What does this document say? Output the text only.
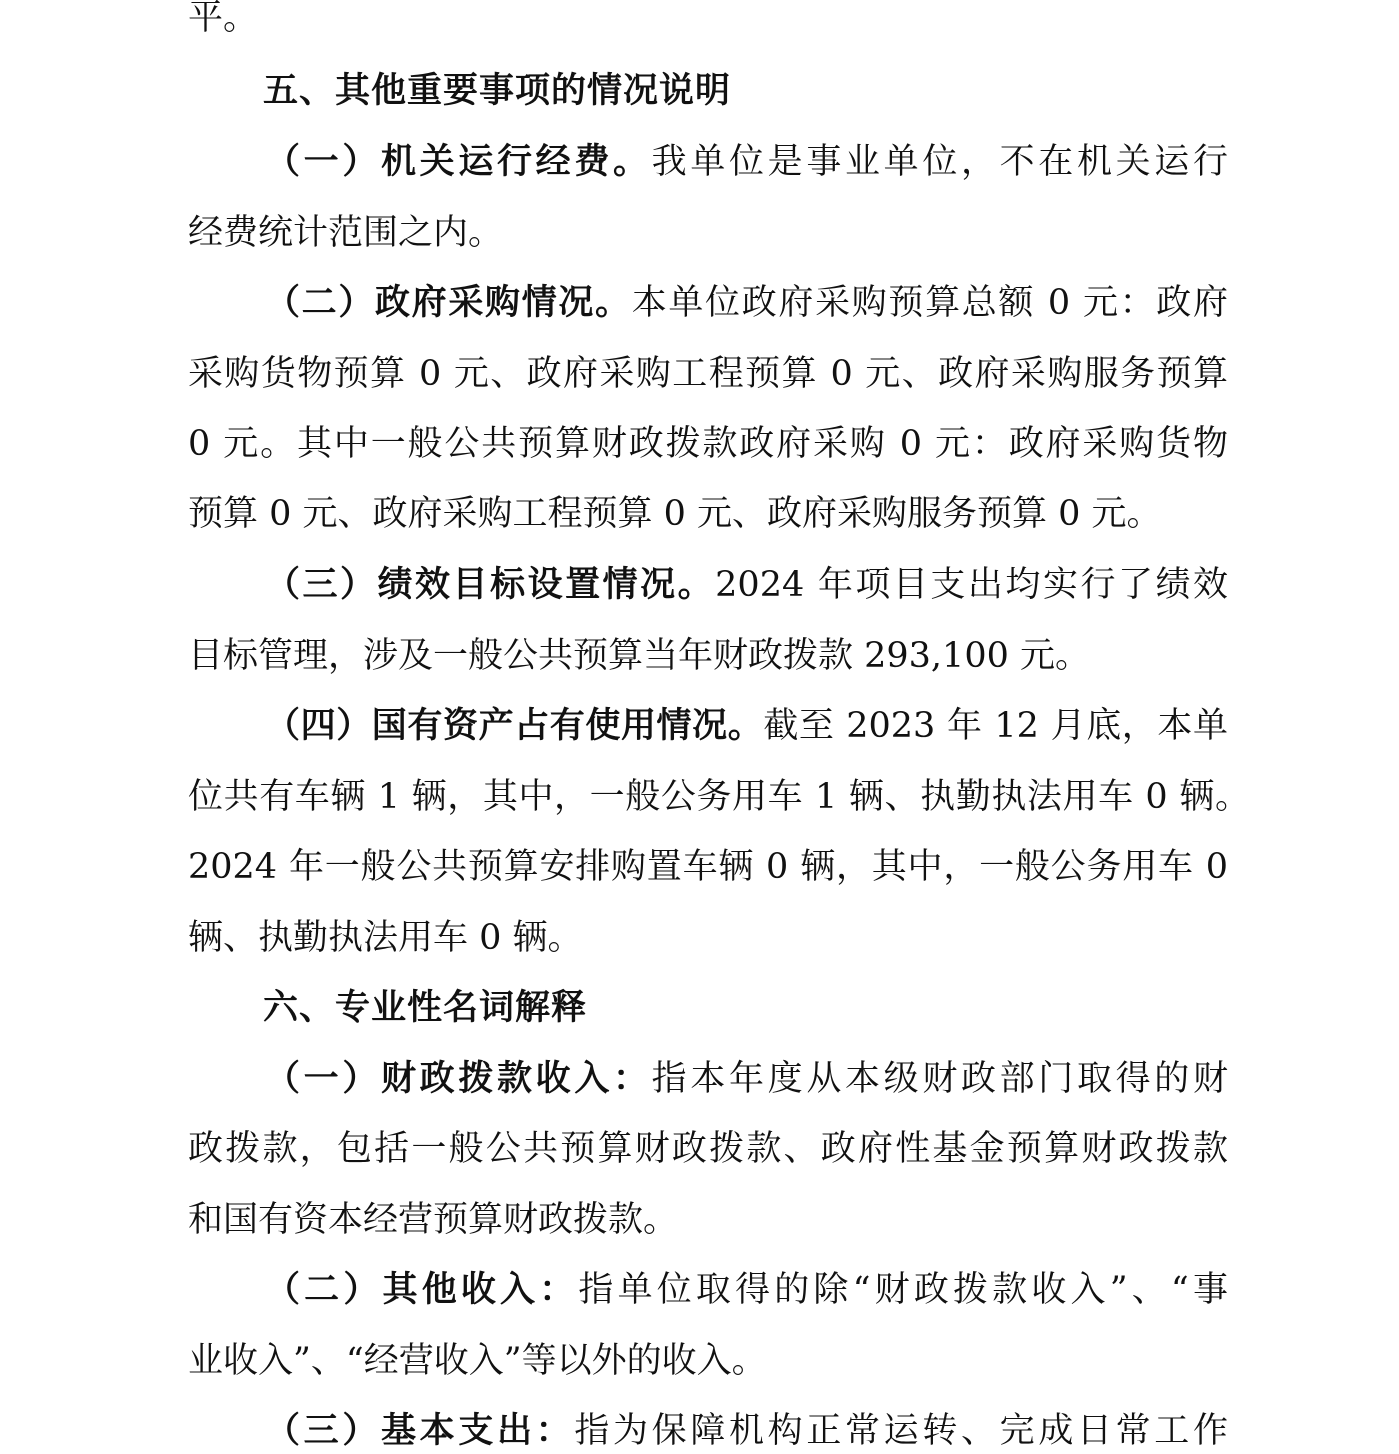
平。
五、其他重要事项的情况说明
（一）机关运行经费。我单位是事业单位，不在机关运行
经费统计范围之内。
（二）政府采购情况。本单位政府采购预算总额 0 元：政府
采购货物预算 0 元、政府采购工程预算 0 元、政府采购服务预算
0 元。其中一般公共预算财政拨款政府采购 0 元：政府采购货物
预算 0 元、政府采购工程预算 0 元、政府采购服务预算 0 元。
（三）绩效目标设置情况。2024 年项目支出均实行了绩效
目标管理，涉及一般公共预算当年财政拨款 293,100 元。
（四）国有资产占有使用情况。截至 2023 年 12 月底，本单
位共有车辆 1 辆，其中，一般公务用车 1 辆、执勤执法用车 0 辆。
2024 年一般公共预算安排购置车辆 0 辆，其中，一般公务用车 0
辆、执勤执法用车 0 辆。
六、专业性名词解释
（一）财政拨款收入：指本年度从本级财政部门取得的财
政拨款，包括一般公共预算财政拨款、政府性基金预算财政拨款
和国有资本经营预算财政拨款。
（二）其他收入：指单位取得的除“财政拨款收入”、“事
业收入”、“经营收入”等以外的收入。
（三）基本支出：指为保障机构正常运转、完成日常工作
